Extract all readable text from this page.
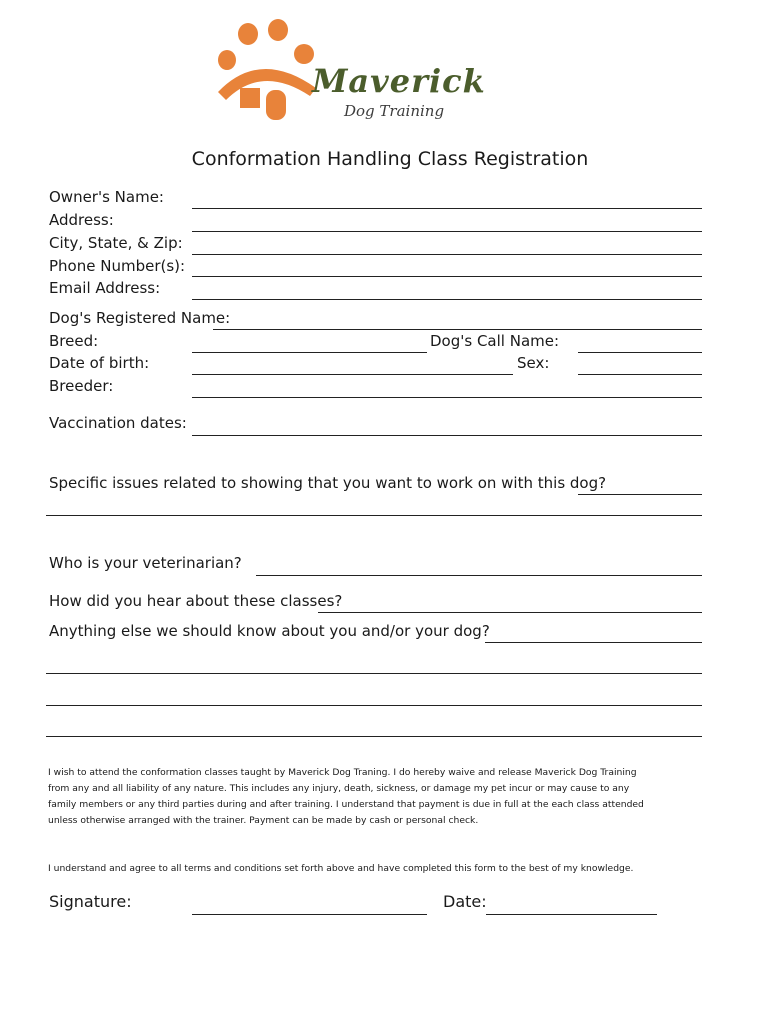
Maverick
Dog Training
Conformation Handling Class Registration
Owner's Name:
Address:
City, State, & Zip:
Phone Number(s):
Email Address:
Dog's Registered Name:
Breed:	Dog's Call Name:
Date of birth:	Sex:
Breeder:
Vaccination dates:
Specific issues related to showing that you want to work on with this dog?
Who is your veterinarian?
How did you hear about these classes?
Anything else we should know about you and/or your dog?
I wish to attend the conformation classes taught by Maverick Dog Traning. I do hereby waive and release Maverick Dog Training
from any and all liability of any nature. This includes any injury, death, sickness, or damage my pet incur or may cause to any
family members or any third parties during and after training. I understand that payment is due in full at the each class attended
unless otherwise arranged with the trainer. Payment can be made by cash or personal check.
I understand and agree to all terms and conditions set forth above and have completed this form to the best of my knowledge.
Signature:	Date:
